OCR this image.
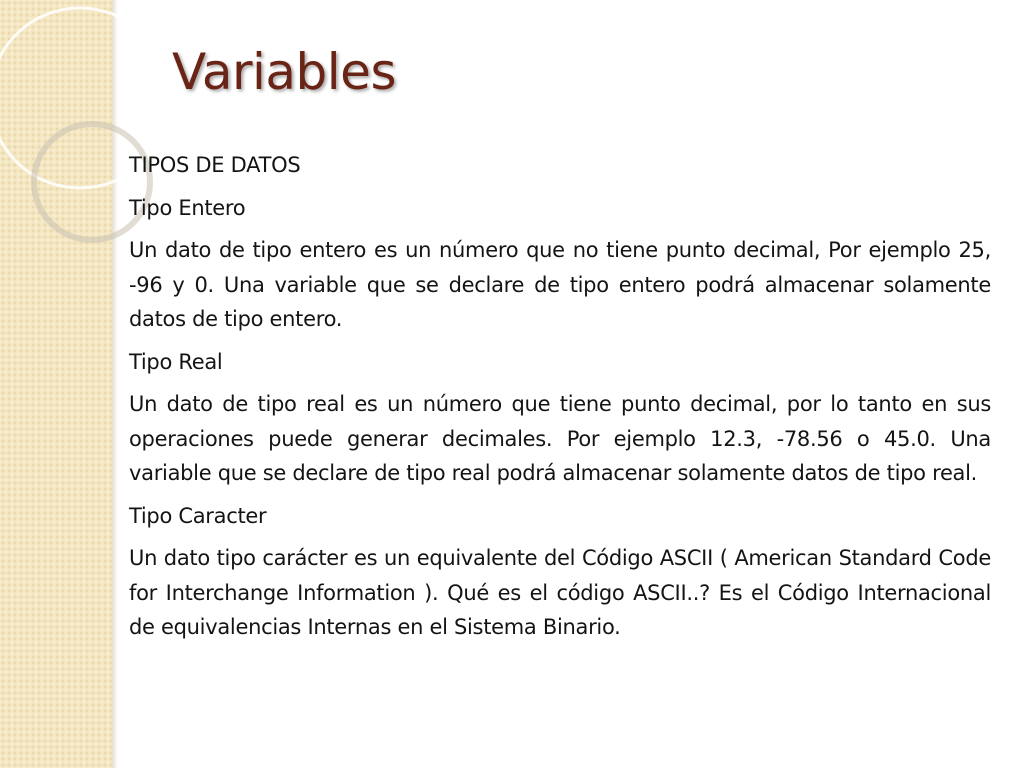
Variables

TIPOS DE DATOS

Tipo Entero

Un dato de tipo entero es un número que no tiene punto decimal, Por ejemplo 25, -96 y 0. Una variable que se declare de tipo entero podrá almacenar solamente datos de tipo entero.

Tipo Real

Un dato de tipo real es un número que tiene punto decimal, por lo tanto en sus operaciones puede generar decimales. Por ejemplo 12.3, -78.56 o 45.0. Una variable que se declare de tipo real podrá almacenar solamente datos de tipo real.

Tipo Caracter

Un dato tipo carácter es un equivalente del Código ASCII ( American Standard Code for Interchange Information ). Qué es el código ASCII..? Es el Código Internacional de equivalencias Internas en el Sistema Binario.
